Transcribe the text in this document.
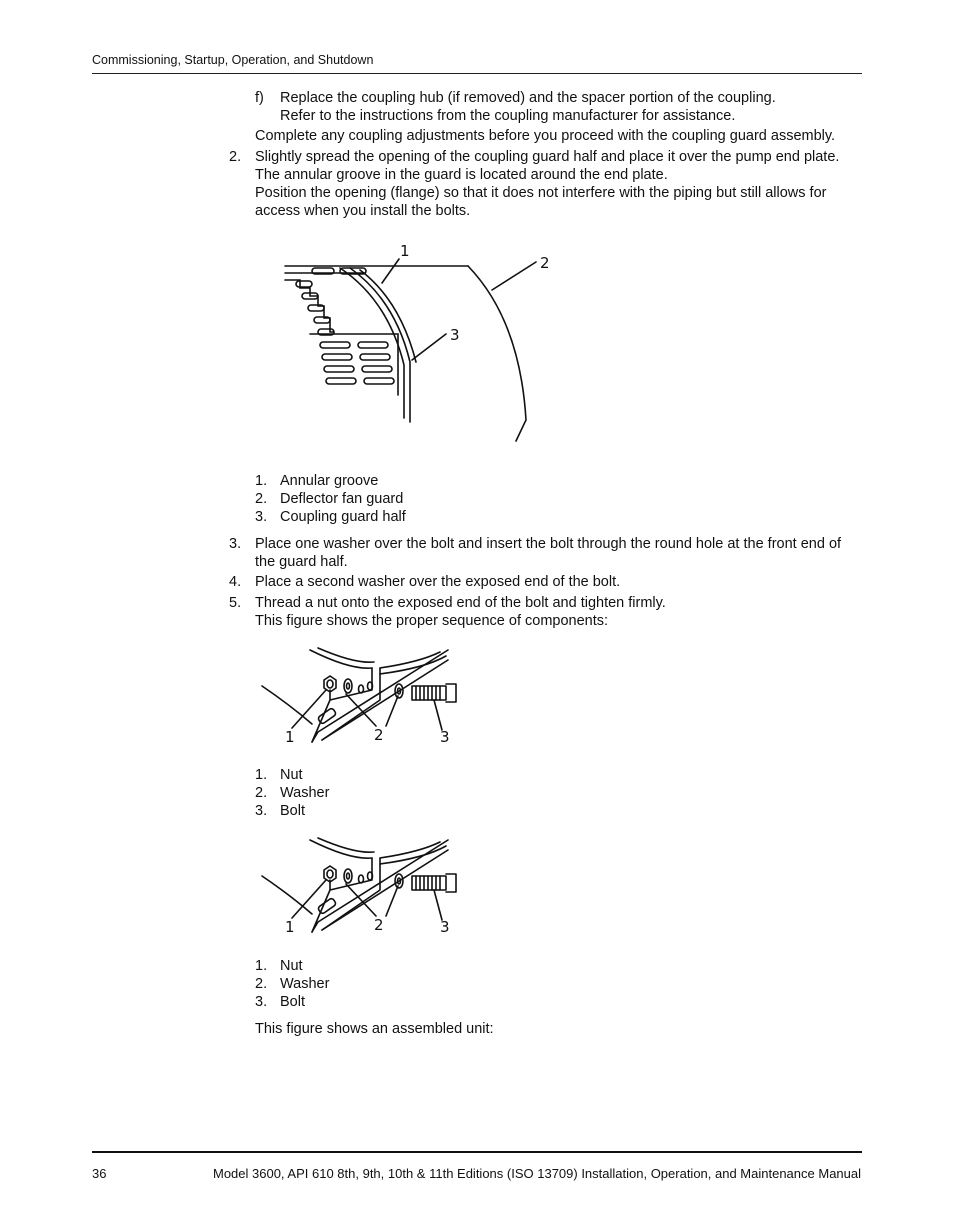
Commissioning, Startup, Operation, and Shutdown
f) Replace the coupling hub (if removed) and the spacer portion of the coupling.
Refer to the instructions from the coupling manufacturer for assistance.
Complete any coupling adjustments before you proceed with the coupling guard assembly.
2. Slightly spread the opening of the coupling guard half and place it over the pump end plate.
The annular groove in the guard is located around the end plate.
Position the opening (flange) so that it does not interfere with the piping but still allows for
access when you install the bolts.
1
2
3
1. Annular groove
2. Deflector fan guard
3. Coupling guard half
3. Place one washer over the bolt and insert the bolt through the round hole at the front end of
the guard half.
4. Place a second washer over the exposed end of the bolt.
5. Thread a nut onto the exposed end of the bolt and tighten firmly.
This figure shows the proper sequence of components:
1	2	3
1. Nut
2. Washer
3. Bolt
1	2	3
1. Nut
2. Washer
3. Bolt
This figure shows an assembled unit:
36	Model 3600, API 610 8th, 9th, 10th & 11th Editions (ISO 13709) Installation, Operation, and Maintenance Manual
